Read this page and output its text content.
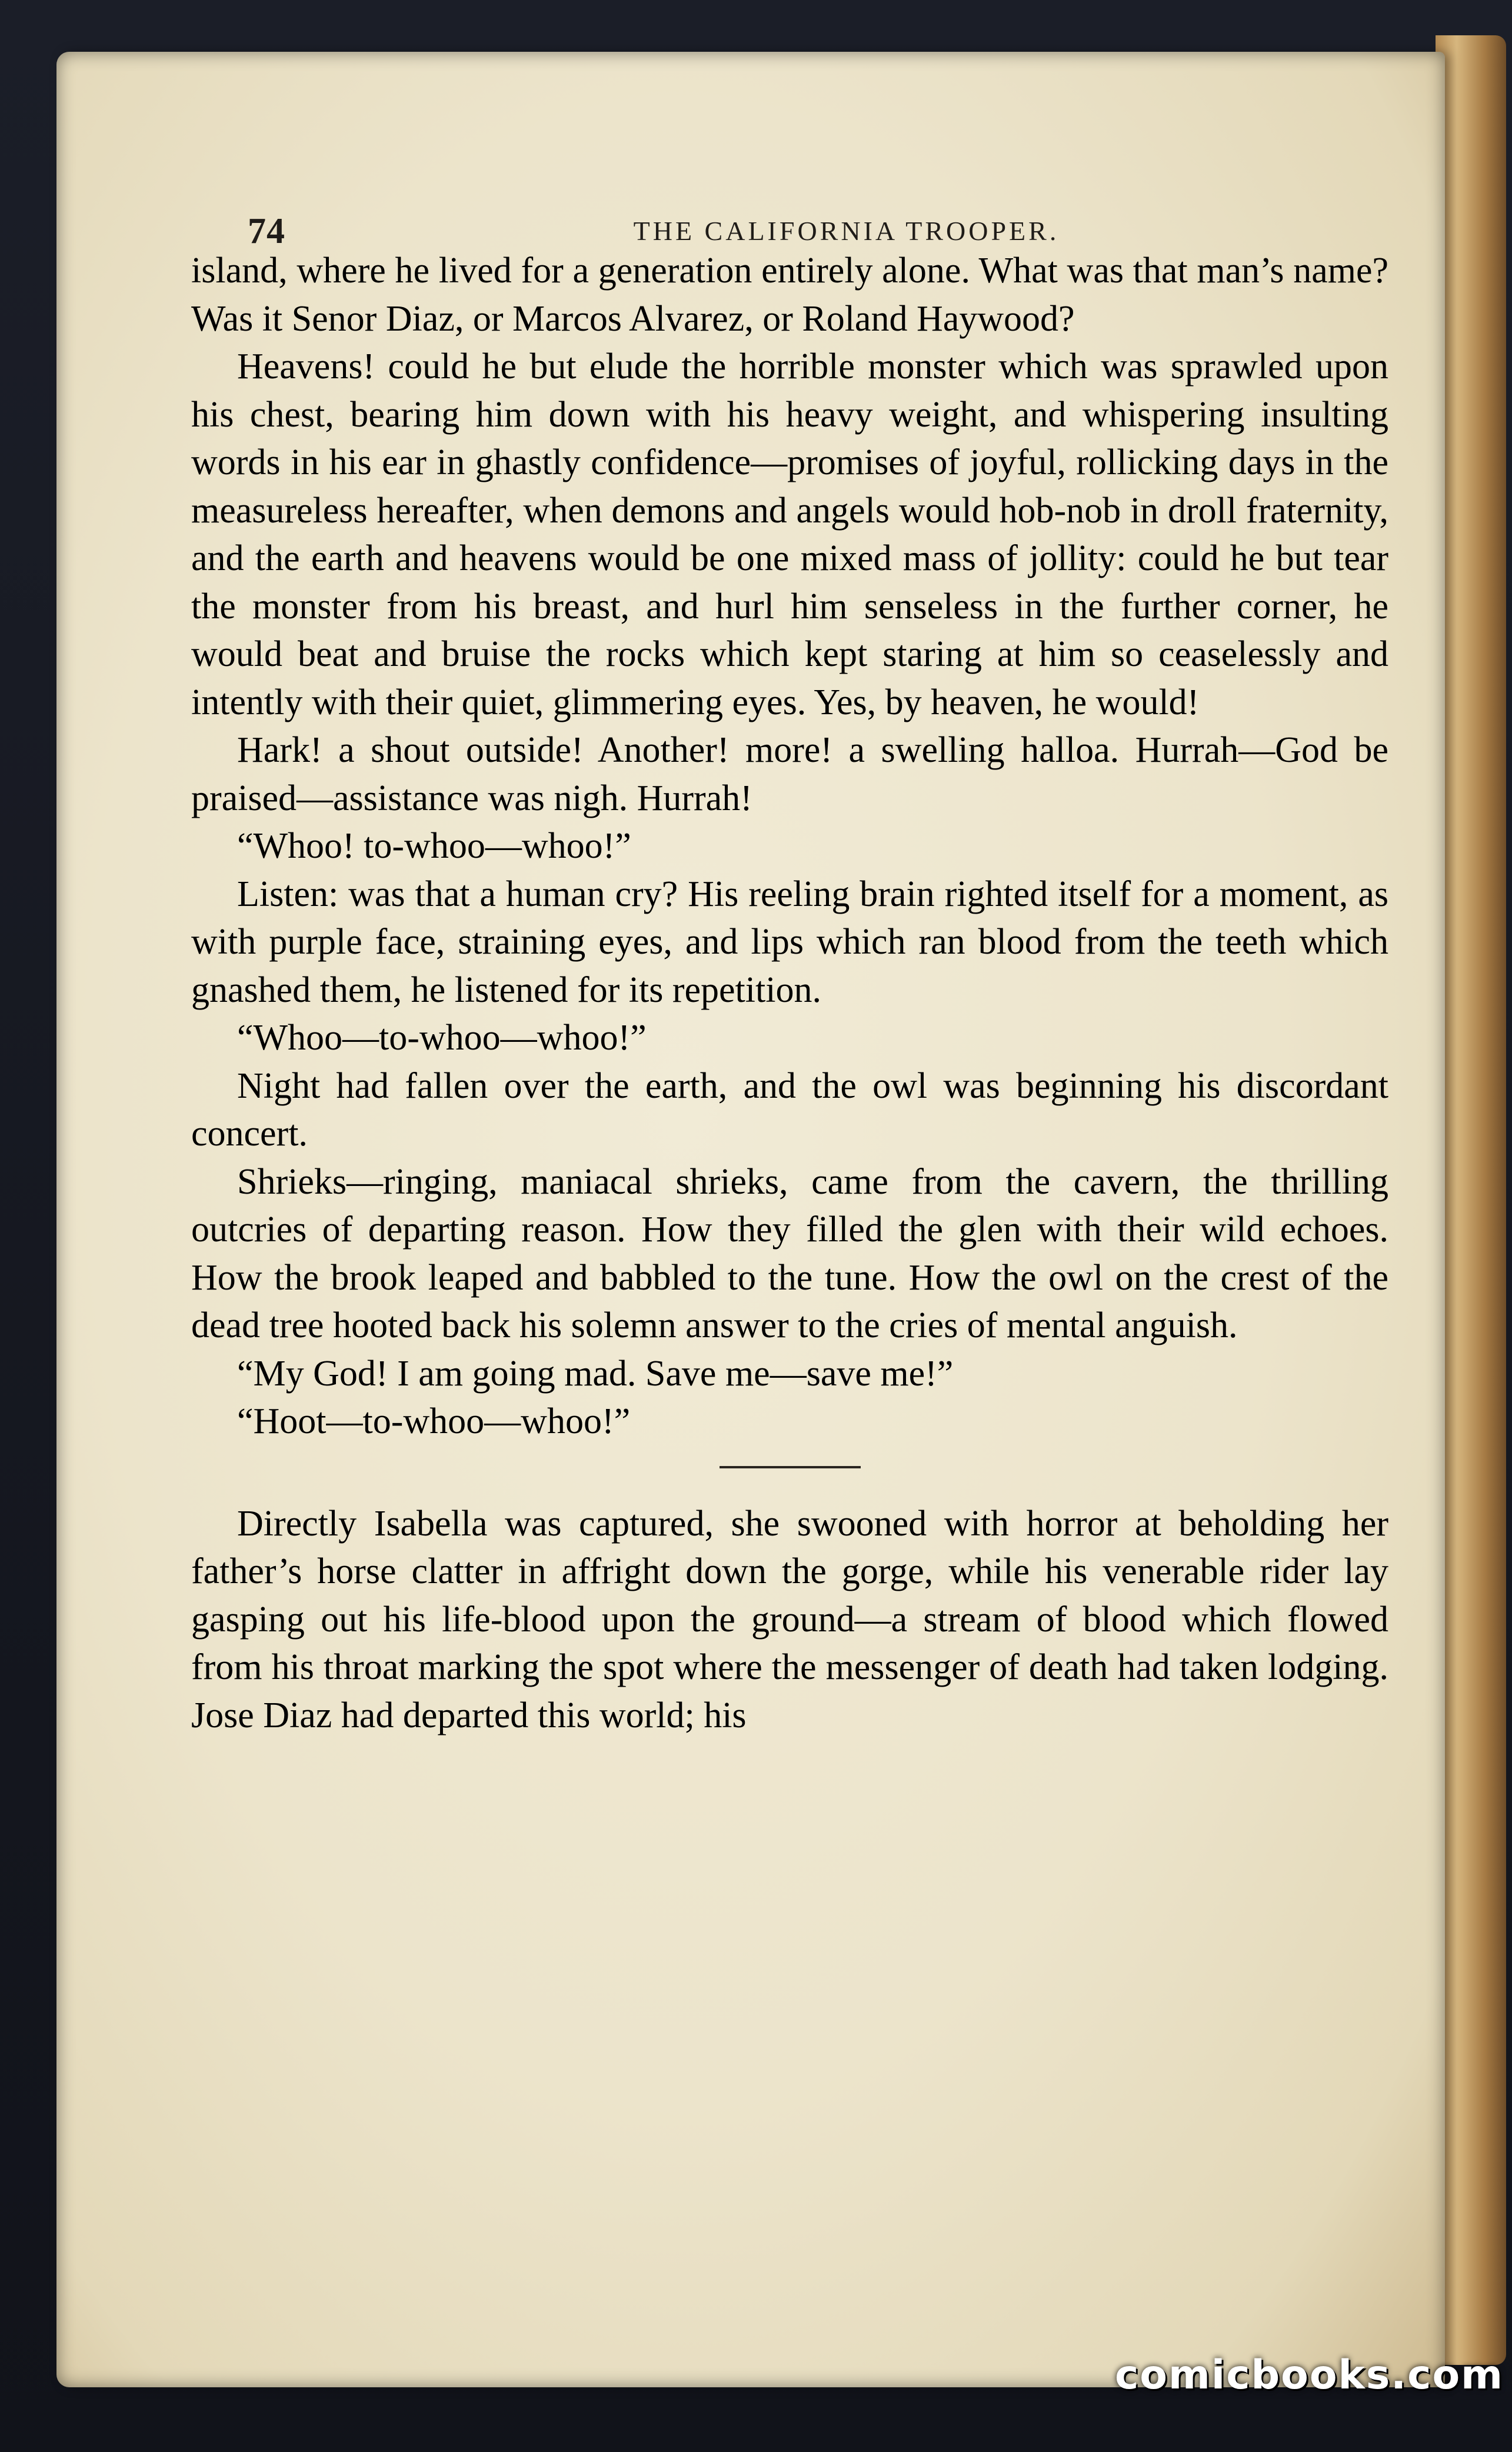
74	THE CALIFORNIA TROOPER.

island, where he lived for a generation entirely alone. What was that man’s name? Was it Senor Diaz, or Marcos Alvarez, or Roland Haywood?

Heavens! could he but elude the horrible monster which was sprawled upon his chest, bearing him down with his heavy weight, and whispering insulting words in his ear in ghastly confidence—promises of joyful, rollicking days in the measureless hereafter, when demons and angels would hob-nob in droll fraternity, and the earth and heavens would be one mixed mass of jollity: could he but tear the monster from his breast, and hurl him senseless in the further corner, he would beat and bruise the rocks which kept staring at him so ceaselessly and intently with their quiet, glimmering eyes. Yes, by heaven, he would!

Hark! a shout outside! Another! more! a swelling halloa. Hurrah—God be praised—assistance was nigh. Hurrah!

“Whoo! to-whoo—whoo!”

Listen: was that a human cry? His reeling brain righted itself for a moment, as with purple face, straining eyes, and lips which ran blood from the teeth which gnashed them, he listened for its repetition.

“Whoo—to-whoo—whoo!”

Night had fallen over the earth, and the owl was beginning his discordant concert.

Shrieks—ringing, maniacal shrieks, came from the cavern, the thrilling outcries of departing reason. How they filled the glen with their wild echoes. How the brook leaped and babbled to the tune. How the owl on the crest of the dead tree hooted back his solemn answer to the cries of mental anguish.

“My God! I am going mad. Save me—save me!”

“Hoot—to-whoo—whoo!”

Directly Isabella was captured, she swooned with horror at beholding her father’s horse clatter in affright down the gorge, while his venerable rider lay gasping out his life-blood upon the ground—a stream of blood which flowed from his throat marking the spot where the messenger of death had taken lodging. Jose Diaz had departed this world; his

comicbooks.com
